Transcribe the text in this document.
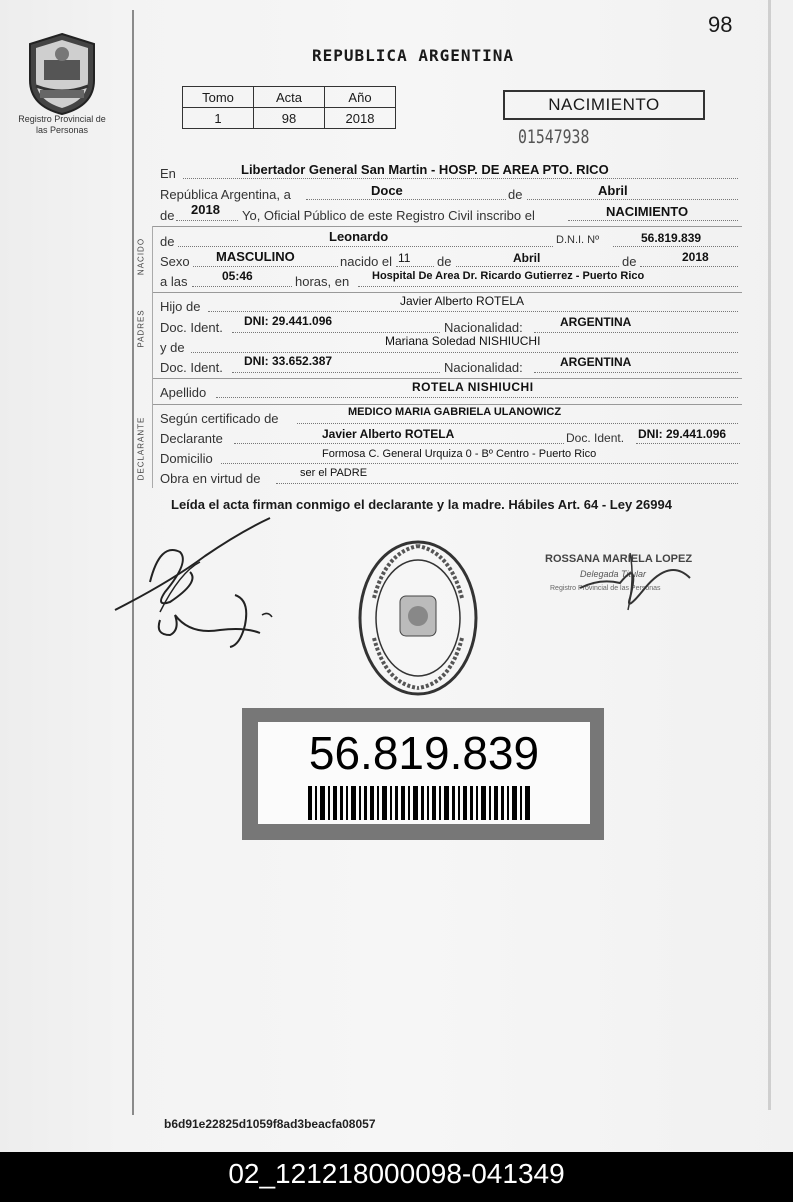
Registro Provincial de las Personas
98
REPUBLICA ARGENTINA
Tomo	Acta	Año
1	98	2018
NACIMIENTO
01547938
En	Libertador General San Martin - HOSP. DE AREA PTO. RICO
República Argentina, a	Doce	de	Abril
de 2018 Yo, Oficial Público de este Registro Civil inscribo el	NACIMIENTO
NACIDO de	Leonardo	D.N.I. Nº	56.819.839
Sexo MASCULINO	nacido el 11 de	Abril	de	2018
a las	05:46	horas, en Hospital De Area Dr. Ricardo Gutierrez - Puerto Rico
PADRES
Hijo de	Javier Alberto ROTELA
Doc. Ident. DNI: 29.441.096	Nacionalidad:	ARGENTINA
y de	Mariana Soledad NISHIUCHI
Doc. Ident. DNI: 33.652.387	Nacionalidad:	ARGENTINA
Apellido	ROTELA NISHIUCHI
DECLARANTE Según certificado de	MEDICO MARIA GABRIELA ULANOWICZ
Declarante	Javier Alberto ROTELA	Doc. Ident. DNI: 29.441.096
Domicilio	Formosa C. General Urquiza 0 - Bº Centro - Puerto Rico
Obra en virtud de	ser el PADRE
Leída el acta firman conmigo el declarante y la madre. Hábiles Art. 64 - Ley 26994
ROSSANA MARIELA LOPEZ
Delegada Titular
Registro Provincial de las Personas
56.819.839
b6d91e22825d1059f8ad3beacfa08057
02_121218000098-041349
